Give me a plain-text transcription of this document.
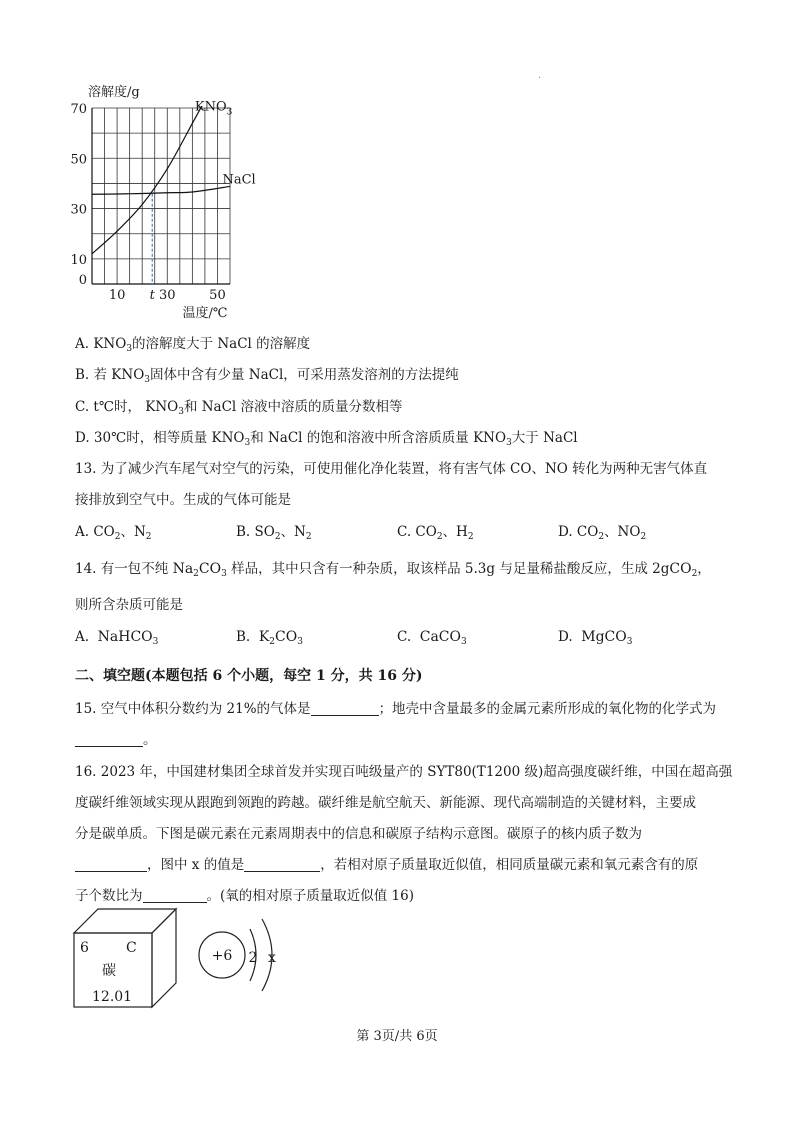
.
70
50
30
10
0
10 t 30	50
溶解度/g
温度/℃
$KNO_3$
NaCl
A. $KNO_3$的溶解度大于 NaCl 的溶解度
B. 若 $KNO_3$固体中含有少量 NaCl，可采用蒸发溶剂的方法提纯
C. t℃时， $KNO_3$和 NaCl 溶液中溶质的质量分数相等
D. 30℃时，相等质量 $KNO_3$和 NaCl 的饱和溶液中所含溶质质量 $KNO_3$大于 NaCl
13. 为了减少汽车尾气对空气的污染，可使用催化净化装置，将有害气体 CO、NO 转化为两种无害气体直
接排放到空气中。生成的气体可能是
A. $CO_2$、$N_2$	B. $SO_2$、$N_2$	C. $CO_2$、$H_2$	D. $CO_2$、$NO_2$
14. 有一包不纯 $Na_2CO_3$ 样品，其中只含有一种杂质，取该样品 5.3g 与足量稀盐酸反应，生成 2gCO$_2$，
则所含杂质可能是
A. NaHCO$_3$	B. $K_2CO_3$	C. CaCO$_3$	D. MgCO$_3$
二、填空题(本题包括 6 个小题，每空 1 分，共 16 分)
15. 空气中体积分数约为 21%的气体是	；地壳中含量最多的金属元素所形成的氧化物的化学式为
。
16. 2023 年，中国建材集团全球首发并实现百吨级量产的 SYT80(T1200 级)超高强度碳纤维，中国在超高强
度碳纤维领域实现从跟跑到领跑的跨越。碳纤维是航空航天、新能源、现代高端制造的关键材料，主要成
分是碳单质。下图是碳元素在元素周期表中的信息和碳原子结构示意图。碳原子的核内质子数为
，图中 x 的值是	，若相对原子质量取近似值，相同质量碳元素和氧元素含有的原
子个数比为	。(氧的相对原子质量取近似值 16)
6	C
碳
12.01
+6 2 x
第 3页/共 6页
